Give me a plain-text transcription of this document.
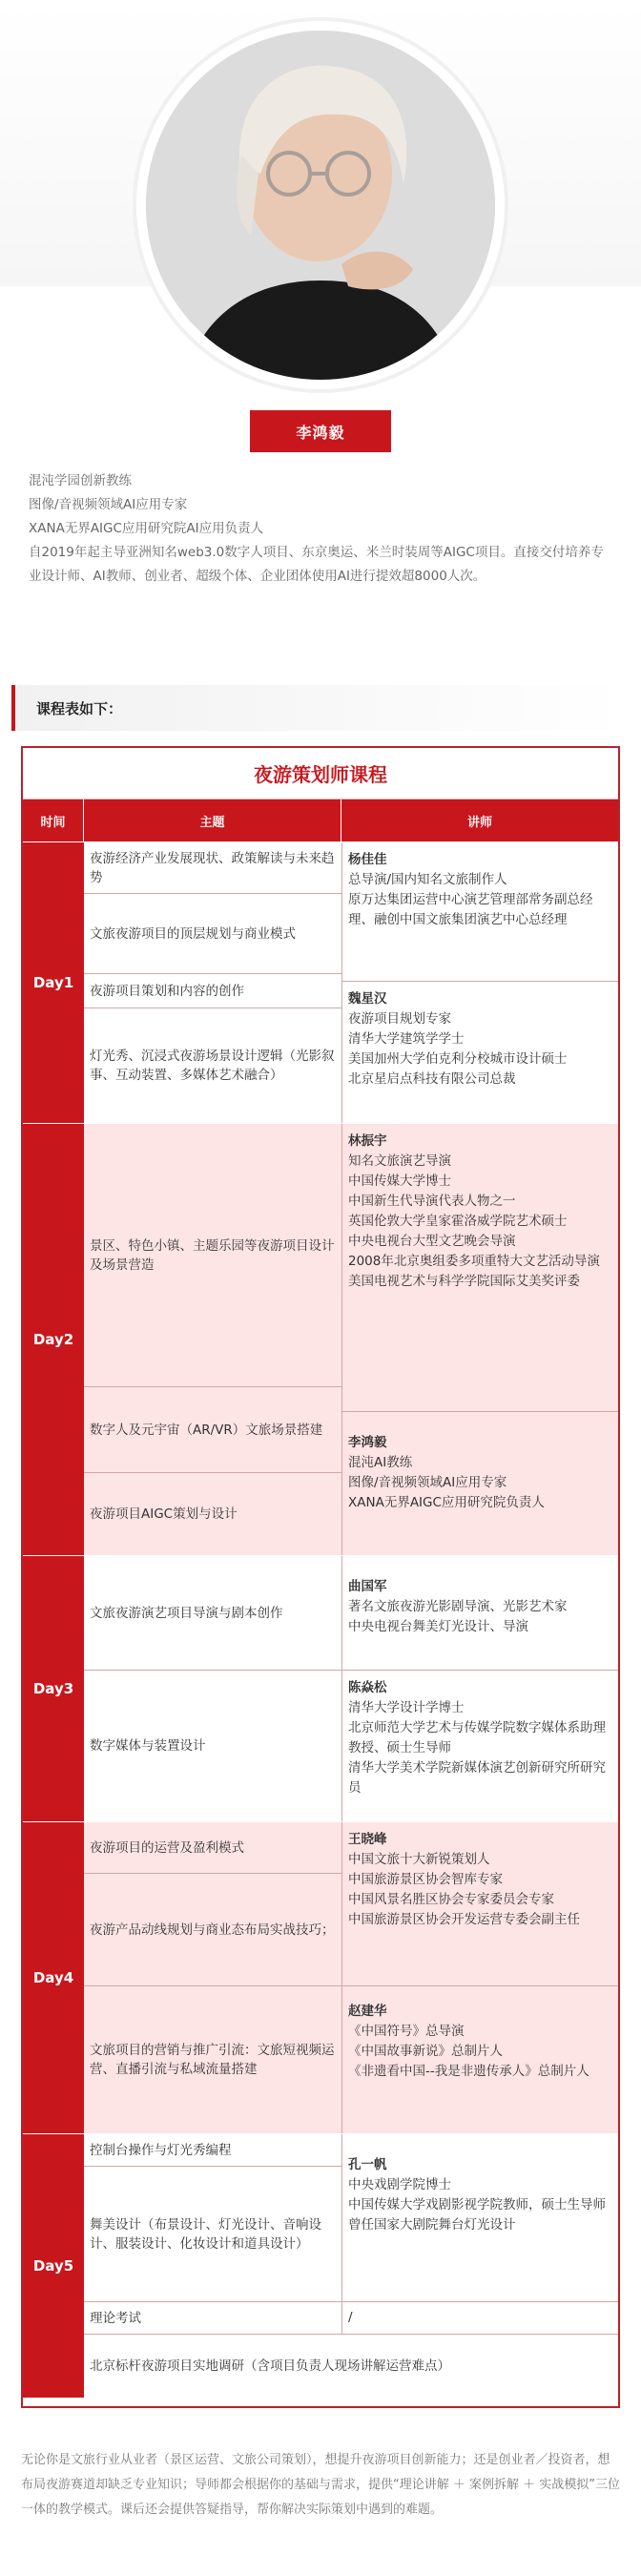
李鸿毅

混沌学园创新教练

图像/音视频领域AI应用专家

XANA无界AIGC应用研究院AI应用负责人

自2019年起主导亚洲知名web3.0数字人项目、东京奥运、米兰时装周等AIGC项目。直接交付培养专业设计师、AI教师、创业者、超级个体、企业团体使用AI进行提效超8000人次。

课程表如下：
夜游策划师课程
时间	主题	讲师
Day1
夜游经济产业发展现状、政策解读与未来趋势
文旅夜游项目的顶层规划与商业模式
夜游项目策划和内容的创作
灯光秀、沉浸式夜游场景设计逻辑（光影叙事、互动装置、多媒体艺术融合）
杨佳佳
总导演/国内知名文旅制作人
原万达集团运营中心演艺管理部常务副总经理、融创中国文旅集团演艺中心总经理
魏星汉
夜游项目规划专家
清华大学建筑学学士
美国加州大学伯克利分校城市设计硕士
北京星启点科技有限公司总裁
Day2
景区、特色小镇、主题乐园等夜游项目设计及场景营造
数字人及元宇宙（AR/VR）文旅场景搭建
夜游项目AIGC策划与设计
林振宇
知名文旅演艺导演
中国传媒大学博士
中国新生代导演代表人物之一
英国伦敦大学皇家霍洛威学院艺术硕士
中央电视台大型文艺晚会导演
2008年北京奥组委多项重特大文艺活动导演
美国电视艺术与科学学院国际艾美奖评委
李鸿毅
混沌AI教练
图像/音视频领域AI应用专家
XANA无界AIGC应用研究院负责人
Day3
文旅夜游演艺项目导演与剧本创作
数字媒体与装置设计
曲国军
著名文旅夜游光影剧导演、光影艺术家
中央电视台舞美灯光设计、导演
陈焱松
清华大学设计学博士
北京师范大学艺术与传媒学院数字媒体系助理教授、硕士生导师
清华大学美术学院新媒体演艺创新研究所研究员
Day4
夜游项目的运营及盈利模式
夜游产品动线规划与商业态布局实战技巧；
文旅项目的营销与推广引流：文旅短视频运营、直播引流与私域流量搭建
王晓峰
中国文旅十大新锐策划人
中国旅游景区协会智库专家
中国风景名胜区协会专家委员会专家
中国旅游景区协会开发运营专委会副主任
赵建华
《中国符号》总导演
《中国故事新说》总制片人
《非遗看中国--我是非遗传承人》总制片人
Day5
控制台操作与灯光秀编程
舞美设计（布景设计、灯光设计、音响设计、服装设计、化妆设计和道具设计）
理论考试
孔一帆
中央戏剧学院博士
中国传媒大学戏剧影视学院教师，硕士生导师
曾任国家大剧院舞台灯光设计
/
北京标杆夜游项目实地调研（含项目负责人现场讲解运营难点）
无论你是文旅行业从业者（景区运营、文旅公司策划），想提升夜游项目创新能力；还是创业者／投资者，想布局夜游赛道却缺乏专业知识；导师都会根据你的基础与需求，提供“理论讲解 ＋ 案例拆解 ＋ 实战模拟”三位一体的教学模式。课后还会提供答疑指导，帮你解决实际策划中遇到的难题。
